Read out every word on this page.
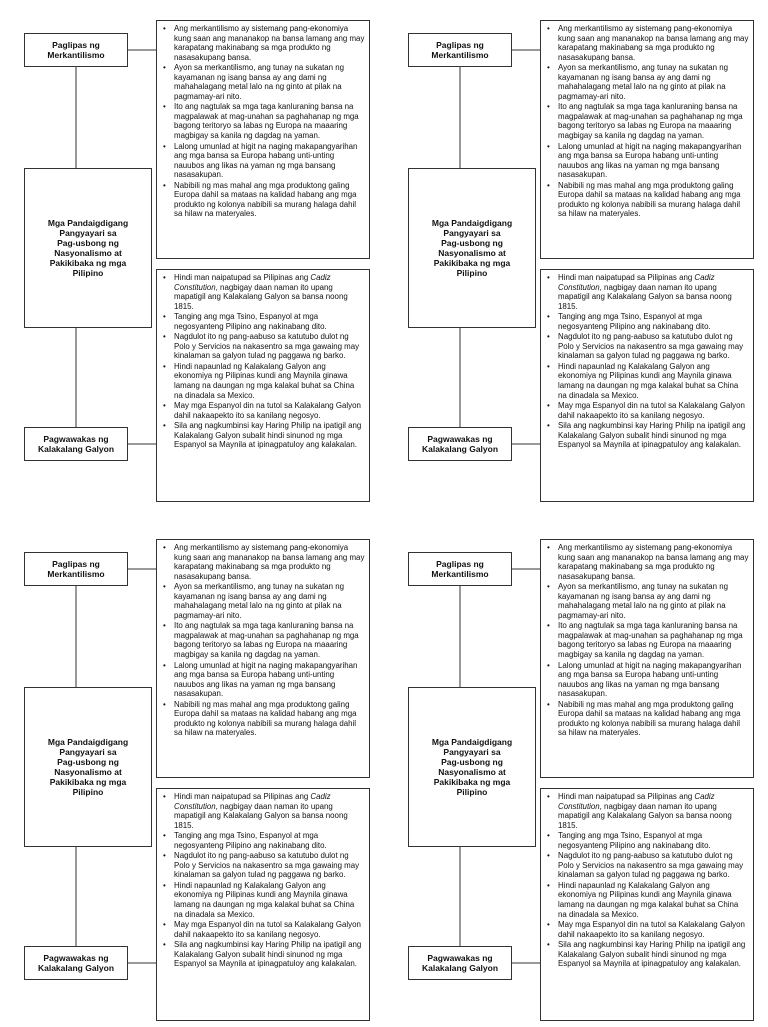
Paglipas ng
Merkantilismo
Mga Pandaigdigang
Pangyayari sa
Pag-usbong ng
Nasyonalismo at
Pakikibaka ng mga
Pilipino
Pagwawakas ng
Kalakalang Galyon
• Ang merkantilismo ay sistemang pang-ekonomiya kung saan ang mananakop na bansa lamang ang may karapatang makinabang sa mga produkto ng nasasakupang bansa.
• Ayon sa merkantilismo, ang tunay na sukatan ng kayamanan ng isang bansa ay ang dami ng mahahalagang metal lalo na ng ginto at pilak na pagmamay-ari nito.
• Ito ang nagtulak sa mga taga kanluraning bansa na magpalawak at mag-unahan sa paghahanap ng mga bagong teritoryo sa labas ng Europa na maaaring magbigay sa kanila ng dagdag na yaman.
• Lalong umunlad at higit na naging makapangyarihan ang mga bansa sa Europa habang unti-unting nauubos ang likas na yaman ng mga bansang nasasakupan.
• Nabibili ng mas mahal ang mga produktong galing Europa dahil sa mataas na kalidad habang ang mga produkto ng kolonya nabibili sa murang halaga dahil sa hilaw na materyales.
• Hindi man naipatupad sa Pilipinas ang Cadiz Constitution, nagbigay daan naman ito upang mapatigil ang Kalakalang Galyon sa bansa noong 1815.
• Tanging ang mga Tsino, Espanyol at mga negosyanteng Pilipino ang nakinabang dito.
• Nagdulot ito ng pang-aabuso sa katutubo dulot ng Polo y Servicios na nakasentro sa mga gawaing may kinalaman sa galyon tulad ng paggawa ng barko.
• Hindi napaunlad ng Kalakalang Galyon ang ekonomiya ng Pilipinas kundi ang Maynila ginawa lamang na daungan ng mga kalakal buhat sa China na dinadala sa Mexico.
• May mga Espanyol din na tutol sa Kalakalang Galyon dahil nakaapekto ito sa kanilang negosyo.
• Sila ang nagkumbinsi kay Haring Philip na ipatigil ang Kalakalang Galyon subalit hindi sinunod ng mga Espanyol sa Maynila at ipinagpatuloy ang kalakalan.
Paglipas ng
Merkantilismo
Mga Pandaigdigang
Pangyayari sa
Pag-usbong ng
Nasyonalismo at
Pakikibaka ng mga
Pilipino
Pagwawakas ng
Kalakalang Galyon
• Ang merkantilismo ay sistemang pang-ekonomiya kung saan ang mananakop na bansa lamang ang may karapatang makinabang sa mga produkto ng nasasakupang bansa.
• Ayon sa merkantilismo, ang tunay na sukatan ng kayamanan ng isang bansa ay ang dami ng mahahalagang metal lalo na ng ginto at pilak na pagmamay-ari nito.
• Ito ang nagtulak sa mga taga kanluraning bansa na magpalawak at mag-unahan sa paghahanap ng mga bagong teritoryo sa labas ng Europa na maaaring magbigay sa kanila ng dagdag na yaman.
• Lalong umunlad at higit na naging makapangyarihan ang mga bansa sa Europa habang unti-unting nauubos ang likas na yaman ng mga bansang nasasakupan.
• Nabibili ng mas mahal ang mga produktong galing Europa dahil sa mataas na kalidad habang ang mga produkto ng kolonya nabibili sa murang halaga dahil sa hilaw na materyales.
• Hindi man naipatupad sa Pilipinas ang Cadiz Constitution, nagbigay daan naman ito upang mapatigil ang Kalakalang Galyon sa bansa noong 1815.
• Tanging ang mga Tsino, Espanyol at mga negosyanteng Pilipino ang nakinabang dito.
• Nagdulot ito ng pang-aabuso sa katutubo dulot ng Polo y Servicios na nakasentro sa mga gawaing may kinalaman sa galyon tulad ng paggawa ng barko.
• Hindi napaunlad ng Kalakalang Galyon ang ekonomiya ng Pilipinas kundi ang Maynila ginawa lamang na daungan ng mga kalakal buhat sa China na dinadala sa Mexico.
• May mga Espanyol din na tutol sa Kalakalang Galyon dahil nakaapekto ito sa kanilang negosyo.
• Sila ang nagkumbinsi kay Haring Philip na ipatigil ang Kalakalang Galyon subalit hindi sinunod ng mga Espanyol sa Maynila at ipinagpatuloy ang kalakalan.
Paglipas ng
Merkantilismo
Mga Pandaigdigang
Pangyayari sa
Pag-usbong ng
Nasyonalismo at
Pakikibaka ng mga
Pilipino
Pagwawakas ng
Kalakalang Galyon
• Ang merkantilismo ay sistemang pang-ekonomiya kung saan ang mananakop na bansa lamang ang may karapatang makinabang sa mga produkto ng nasasakupang bansa.
• Ayon sa merkantilismo, ang tunay na sukatan ng kayamanan ng isang bansa ay ang dami ng mahahalagang metal lalo na ng ginto at pilak na pagmamay-ari nito.
• Ito ang nagtulak sa mga taga kanluraning bansa na magpalawak at mag-unahan sa paghahanap ng mga bagong teritoryo sa labas ng Europa na maaaring magbigay sa kanila ng dagdag na yaman.
• Lalong umunlad at higit na naging makapangyarihan ang mga bansa sa Europa habang unti-unting nauubos ang likas na yaman ng mga bansang nasasakupan.
• Nabibili ng mas mahal ang mga produktong galing Europa dahil sa mataas na kalidad habang ang mga produkto ng kolonya nabibili sa murang halaga dahil sa hilaw na materyales.
• Hindi man naipatupad sa Pilipinas ang Cadiz Constitution, nagbigay daan naman ito upang mapatigil ang Kalakalang Galyon sa bansa noong 1815.
• Tanging ang mga Tsino, Espanyol at mga negosyanteng Pilipino ang nakinabang dito.
• Nagdulot ito ng pang-aabuso sa katutubo dulot ng Polo y Servicios na nakasentro sa mga gawaing may kinalaman sa galyon tulad ng paggawa ng barko.
• Hindi napaunlad ng Kalakalang Galyon ang ekonomiya ng Pilipinas kundi ang Maynila ginawa lamang na daungan ng mga kalakal buhat sa China na dinadala sa Mexico.
• May mga Espanyol din na tutol sa Kalakalang Galyon dahil nakaapekto ito sa kanilang negosyo.
• Sila ang nagkumbinsi kay Haring Philip na ipatigil ang Kalakalang Galyon subalit hindi sinunod ng mga Espanyol sa Maynila at ipinagpatuloy ang kalakalan.
Paglipas ng
Merkantilismo
Mga Pandaigdigang
Pangyayari sa
Pag-usbong ng
Nasyonalismo at
Pakikibaka ng mga
Pilipino
Pagwawakas ng
Kalakalang Galyon
• Ang merkantilismo ay sistemang pang-ekonomiya kung saan ang mananakop na bansa lamang ang may karapatang makinabang sa mga produkto ng nasasakupang bansa.
• Ayon sa merkantilismo, ang tunay na sukatan ng kayamanan ng isang bansa ay ang dami ng mahahalagang metal lalo na ng ginto at pilak na pagmamay-ari nito.
• Ito ang nagtulak sa mga taga kanluraning bansa na magpalawak at mag-unahan sa paghahanap ng mga bagong teritoryo sa labas ng Europa na maaaring magbigay sa kanila ng dagdag na yaman.
• Lalong umunlad at higit na naging makapangyarihan ang mga bansa sa Europa habang unti-unting nauubos ang likas na yaman ng mga bansang nasasakupan.
• Nabibili ng mas mahal ang mga produktong galing Europa dahil sa mataas na kalidad habang ang mga produkto ng kolonya nabibili sa murang halaga dahil sa hilaw na materyales.
• Hindi man naipatupad sa Pilipinas ang Cadiz Constitution, nagbigay daan naman ito upang mapatigil ang Kalakalang Galyon sa bansa noong 1815.
• Tanging ang mga Tsino, Espanyol at mga negosyanteng Pilipino ang nakinabang dito.
• Nagdulot ito ng pang-aabuso sa katutubo dulot ng Polo y Servicios na nakasentro sa mga gawaing may kinalaman sa galyon tulad ng paggawa ng barko.
• Hindi napaunlad ng Kalakalang Galyon ang ekonomiya ng Pilipinas kundi ang Maynila ginawa lamang na daungan ng mga kalakal buhat sa China na dinadala sa Mexico.
• May mga Espanyol din na tutol sa Kalakalang Galyon dahil nakaapekto ito sa kanilang negosyo.
• Sila ang nagkumbinsi kay Haring Philip na ipatigil ang Kalakalang Galyon subalit hindi sinunod ng mga Espanyol sa Maynila at ipinagpatuloy ang kalakalan.
